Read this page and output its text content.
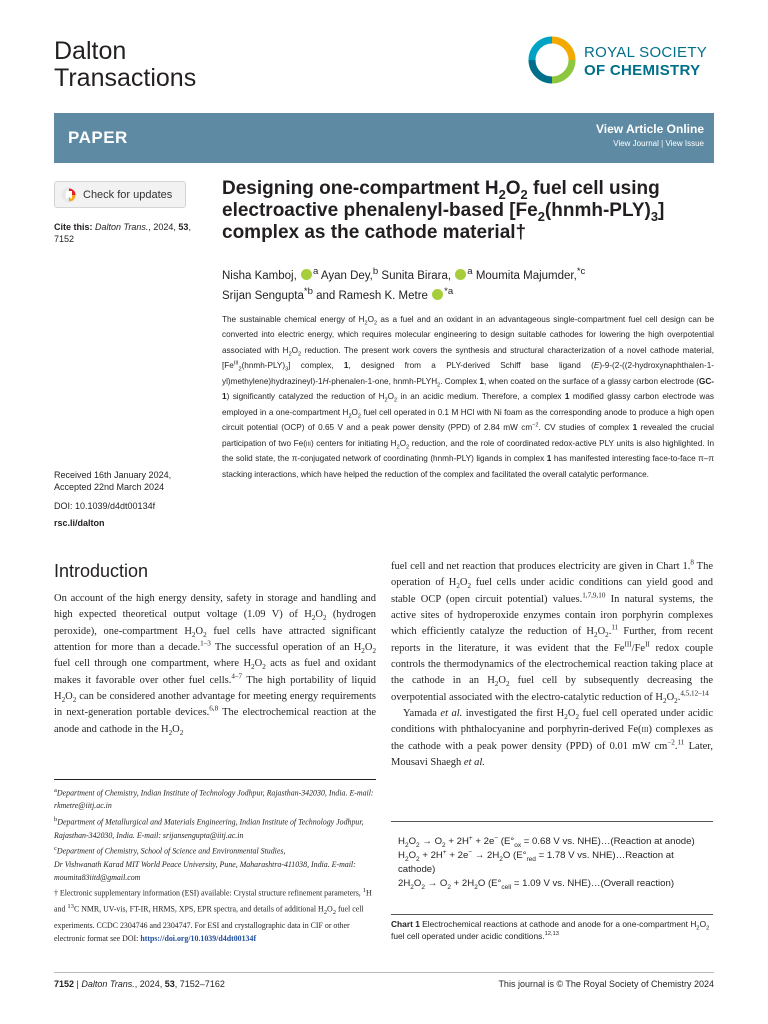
Dalton
Transactions
ROYAL SOCIETY
OF CHEMISTRY
PAPER	View Article Online
View Journal | View Issue
Check for updates
Cite this: Dalton Trans., 2024, 53, 7152
Received 16th January 2024,
Accepted 22nd March 2024
DOI: 10.1039/d4dt00134f
rsc.li/dalton
Designing one-compartment $H_2O_2$ fuel cell using electroactive phenalenyl-based $[Fe_2(hnmh-PLY)_3]$ complex as the cathode material†
Nisha Kamboj, $^a$ Ayan Dey,$^b$ Sunita Birara, $^a$ Moumita Majumder,$^{*c}$
Srijan Sengupta$^{*b}$ and Ramesh K. Metre $^{*a}$
The sustainable chemical energy of $H_2O_2$ as a fuel and an oxidant in an advantageous single-compartment fuel cell design can be converted into electric energy, which requires molecular engineering to design suitable cathodes for lowering the high overpotential associated with $H_2O_2$ reduction. The present work covers the synthesis and structural characterization of a novel cathode material, $[Fe^{III}_2(hnmh-PLY)_3]$ complex, 1, designed from a PLY-derived Schiff base ligand (E)-9-(2-((2-hydroxynaphthalen-1-yl)methylene)hydrazineyl)-1H-phenalen-1-one, hnmh-$PLYH_2$. Complex 1, when coated on the surface of a glassy carbon electrode (GC-1) significantly catalyzed the reduction of $H_2O_2$ in an acidic medium. Therefore, a complex 1 modified glassy carbon electrode was employed in a one-compartment $H_2O_2$ fuel cell operated in 0.1 M HCl with Ni foam as the corresponding anode to produce a high open circuit potential (OCP) of 0.65 V and a peak power density (PPD) of 2.84 mW $cm^{-2}$. CV studies of complex 1 revealed the crucial participation of two Fe(iii) centers for initiating $H_2O_2$ reduction, and the role of coordinated redox-active PLY units is also highlighted. In the solid state, the π-conjugated network of coordinating (hnmh-PLY) ligands in complex 1 has manifested interesting face-to-face π–π stacking interactions, which have helped the reduction of the complex and facilitated the overall catalytic performance.
Introduction

On account of the high energy density, safety in storage and handling and high expected theoretical output voltage (1.09 V) of $H_2O_2$ (hydrogen peroxide), one-compartment $H_2O_2$ fuel cells have attracted significant attention for more than a decade.$^{1-3}$ The successful operation of an $H_2O_2$ fuel cell through one compartment, where $H_2O_2$ acts as fuel and oxidant makes it favorable over other fuel cells.$^{4-7}$ The high portability of liquid $H_2O_2$ can be considered another advantage for meeting energy requirements in next-generation portable devices.$^{6,8}$ The electrochemical reaction at the anode and cathode in the $H_2O_2$

fuel cell and net reaction that produces electricity are given in Chart 1.$^8$ The operation of $H_2O_2$ fuel cells under acidic conditions can yield good and stable OCP (open circuit potential) values.$^{1,7,9,10}$ In natural systems, the active sites of hydroperoxide enzymes contain iron porphyrin complexes which efficiently catalyze the reduction of $H_2O_2.^{11}$ Further, from recent reports in the literature, it was evident that the $Fe^{III}/Fe^{II}$ redox couple controls the thermodynamics of the electrochemical reaction taking place at the cathode in an $H_2O_2$ fuel cell by subsequently decreasing the overpotential associated with the electro-catalytic reduction of $H_2O_2.^{4,5,12-14}$

Yamada et al. investigated the first $H_2O_2$ fuel cell operated under acidic conditions with phthalocyanine and porphyrin-derived Fe(iii) complexes as the cathode with a peak power density (PPD) of 0.01 mW $cm^{-2}.^{11}$ Later, Mousavi Shaegh et al.

$^a$Department of Chemistry, Indian Institute of Technology Jodhpur, Rajasthan-342030, India. E-mail: rkmetre@iitj.ac.in
$^b$Department of Metallurgical and Materials Engineering, Indian Institute of Technology Jodhpur, Rajasthan-342030, India. E-mail: srijansengupta@iitj.ac.in
$^c$Department of Chemistry, School of Science and Environmental Studies,
Dr Vishwanath Karad MIT World Peace University, Pune, Maharashtra-411038, India. E-mail: moumita83iitd@gmail.com
† Electronic supplementary information (ESI) available: Crystal structure refinement parameters, $^1$H and $^{13}$C NMR, UV-vis, FT-IR, HRMS, XPS, EPR spectra, and details of additional $H_2O_2$ fuel cell experiments. CCDC 2304746 and 2304747. For ESI and crystallographic data in CIF or other electronic format see DOI: https://doi.org/10.1039/d4dt00134f
$H_2O_2 \to O_2 + 2H^+ + 2e^-$ ($E^\circ_{ox} = 0.68$ V vs. NHE)…(Reaction at anode)
$H_2O_2 + 2H^+ + 2e^- \to 2H_2O$ ($E^\circ_{red} = 1.78$ V vs. NHE)…Reaction at cathode)
$2H_2O_2 \to O_2 + 2H_2O$ ($E^\circ_{cell} = 1.09$ V vs. NHE)…(Overall reaction)
Chart 1 Electrochemical reactions at cathode and anode for a one-compartment $H_2O_2$ fuel cell operated under acidic conditions.$^{12,13}$
7152 | Dalton Trans., 2024, 53, 7152–7162	This journal is © The Royal Society of Chemistry 2024
